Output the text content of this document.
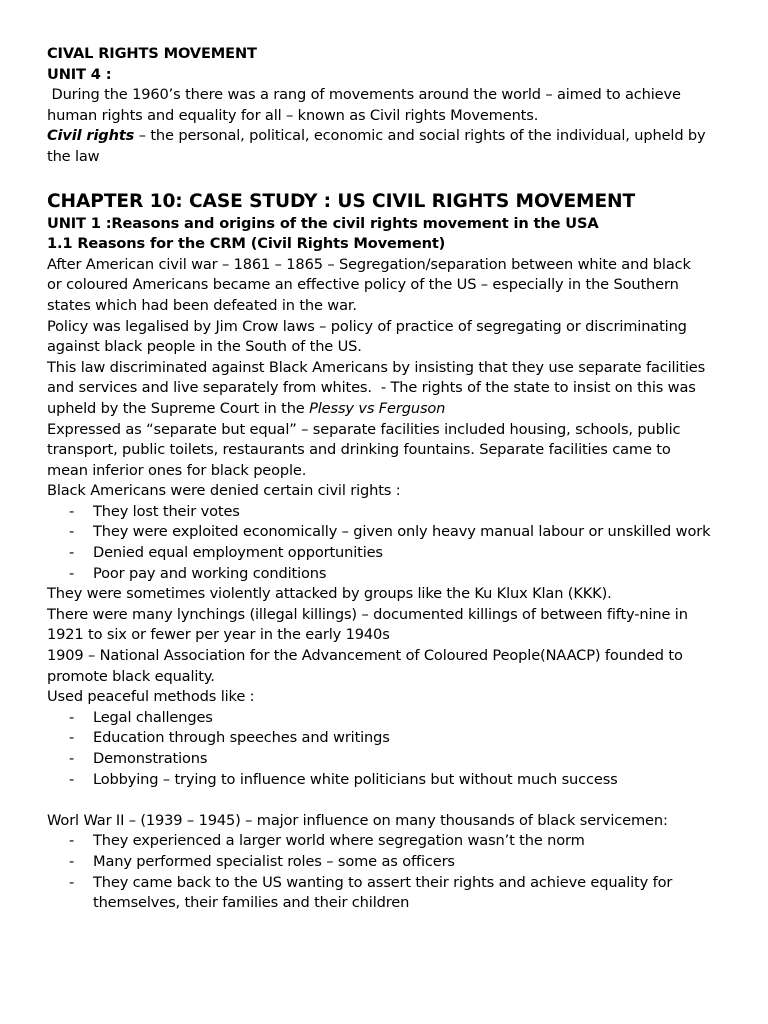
CIVAL RIGHTS MOVEMENT
UNIT 4 :
During the 1960’s there was a rang of movements around the world – aimed to achieve
human rights and equality for all – known as Civil rights Movements.
Civil rights – the personal, political, economic and social rights of the individual, upheld by
the law
CHAPTER 10: CASE STUDY : US CIVIL RIGHTS MOVEMENT
UNIT 1 :Reasons and origins of the civil rights movement in the USA
1.1 Reasons for the CRM (Civil Rights Movement)
After American civil war – 1861 – 1865 – Segregation/separation between white and black
or coloured Americans became an effective policy of the US – especially in the Southern
states which had been defeated in the war.
Policy was legalised by Jim Crow laws – policy of practice of segregating or discriminating
against black people in the South of the US.
This law discriminated against Black Americans by insisting that they use separate facilities
and services and live separately from whites.  - The rights of the state to insist on this was
upheld by the Supreme Court in the Plessy vs Ferguson
Expressed as “separate but equal” – separate facilities included housing, schools, public
transport, public toilets, restaurants and drinking fountains. Separate facilities came to
mean inferior ones for black people.
Black Americans were denied certain civil rights :
- They lost their votes
- They were exploited economically – given only heavy manual labour or unskilled work
- Denied equal employment opportunities
- Poor pay and working conditions
They were sometimes violently attacked by groups like the Ku Klux Klan (KKK).
There were many lynchings (illegal killings) – documented killings of between fifty-nine in
1921 to six or fewer per year in the early 1940s
1909 – National Association for the Advancement of Coloured People(NAACP) founded to
promote black equality.
Used peaceful methods like :
- Legal challenges
- Education through speeches and writings
- Demonstrations
- Lobbying – trying to influence white politicians but without much success
Worl War II – (1939 – 1945) – major influence on many thousands of black servicemen:
- They experienced a larger world where segregation wasn’t the norm
- Many performed specialist roles – some as officers
- They came back to the US wanting to assert their rights and achieve equality for
themselves, their families and their children
